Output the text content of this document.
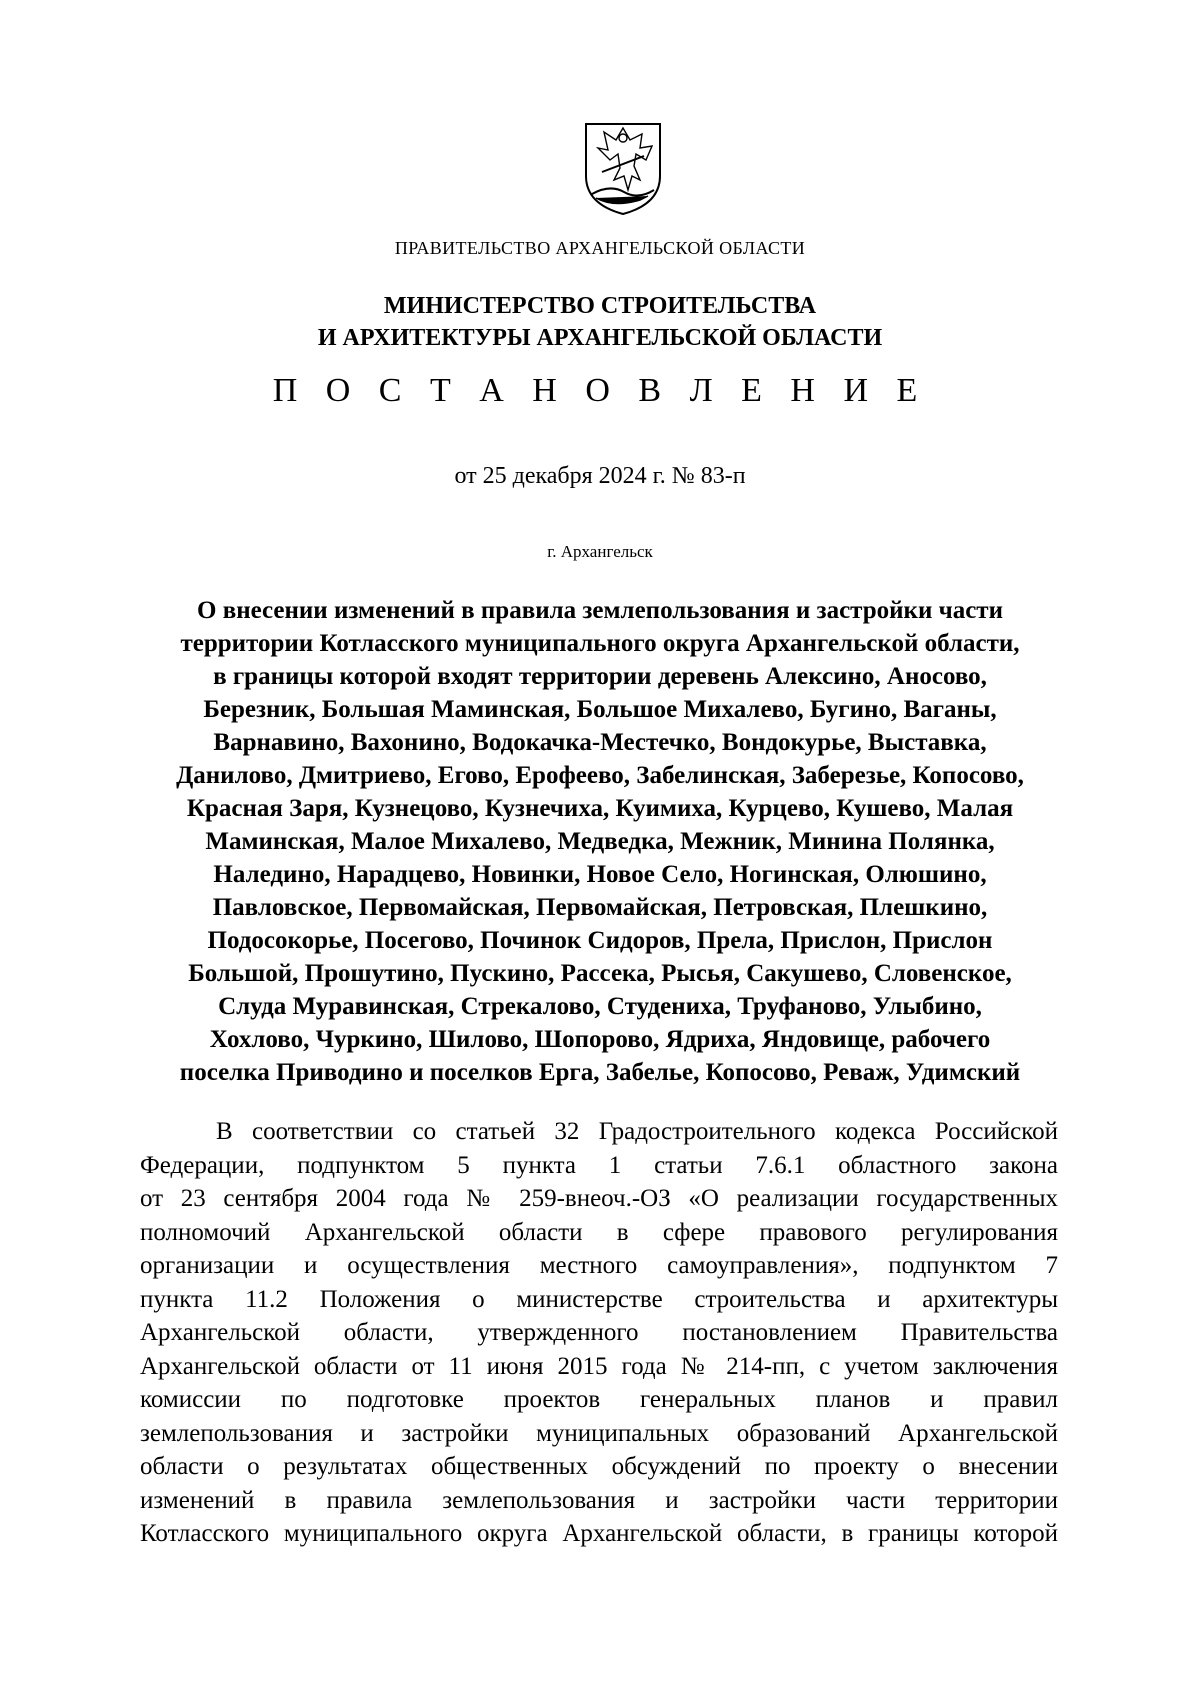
ПРАВИТЕЛЬСТВО АРХАНГЕЛЬСКОЙ ОБЛАСТИ
МИНИСТЕРСТВО СТРОИТЕЛЬСТВА
И АРХИТЕКТУРЫ АРХАНГЕЛЬСКОЙ ОБЛАСТИ
П О С Т А Н О В Л Е Н И Е
от 25 декабря 2024 г. № 83-п
г. Архангельск
О внесении изменений в правила землепользования и застройки части
территории Котласского муниципального округа Архангельской области,
в границы которой входят территории деревень Алексино, Аносово,
Березник, Большая Маминская, Большое Михалево, Бугино, Ваганы,
Варнавино, Вахонино, Водокачка-Местечко, Вондокурье, Выставка,
Данилово, Дмитриево, Егово, Ерофеево, Забелинская, Заберезье, Копосово,
Красная Заря, Кузнецово, Кузнечиха, Куимиха, Курцево, Кушево, Малая
Маминская, Малое Михалево, Медведка, Межник, Минина Полянка,
Наледино, Нарадцево, Новинки, Новое Село, Ногинская, Олюшино,
Павловское, Первомайская, Первомайская, Петровская, Плешкино,
Подосокорье, Посегово, Починок Сидоров, Прела, Прислон, Прислон
Большой, Прошутино, Пускино, Рассека, Рысья, Сакушево, Словенское,
Слуда Муравинская, Стрекалово, Студениха, Труфаново, Улыбино,
Хохлово, Чуркино, Шилово, Шопорово, Ядриха, Яндовище, рабочего
поселка Приводино и поселков Ерга, Забелье, Копосово, Реваж, Удимский
В соответствии со статьей 32 Градостроительного кодекса Российской
Федерации, подпунктом 5 пункта 1 статьи 7.6.1 областного закона
от 23 сентября 2004 года № 259-внеоч.-ОЗ «О реализации государственных
полномочий Архангельской области в сфере правового регулирования
организации и осуществления местного самоуправления», подпунктом 7
пункта 11.2 Положения о министерстве строительства и архитектуры
Архангельской области, утвержденного постановлением Правительства
Архангельской области от 11 июня 2015 года № 214-пп, с учетом заключения
комиссии по подготовке проектов генеральных планов и правил
землепользования и застройки муниципальных образований Архангельской
области о результатах общественных обсуждений по проекту о внесении
изменений в правила землепользования и застройки части территории
Котласского муниципального округа Архангельской области, в границы которой
